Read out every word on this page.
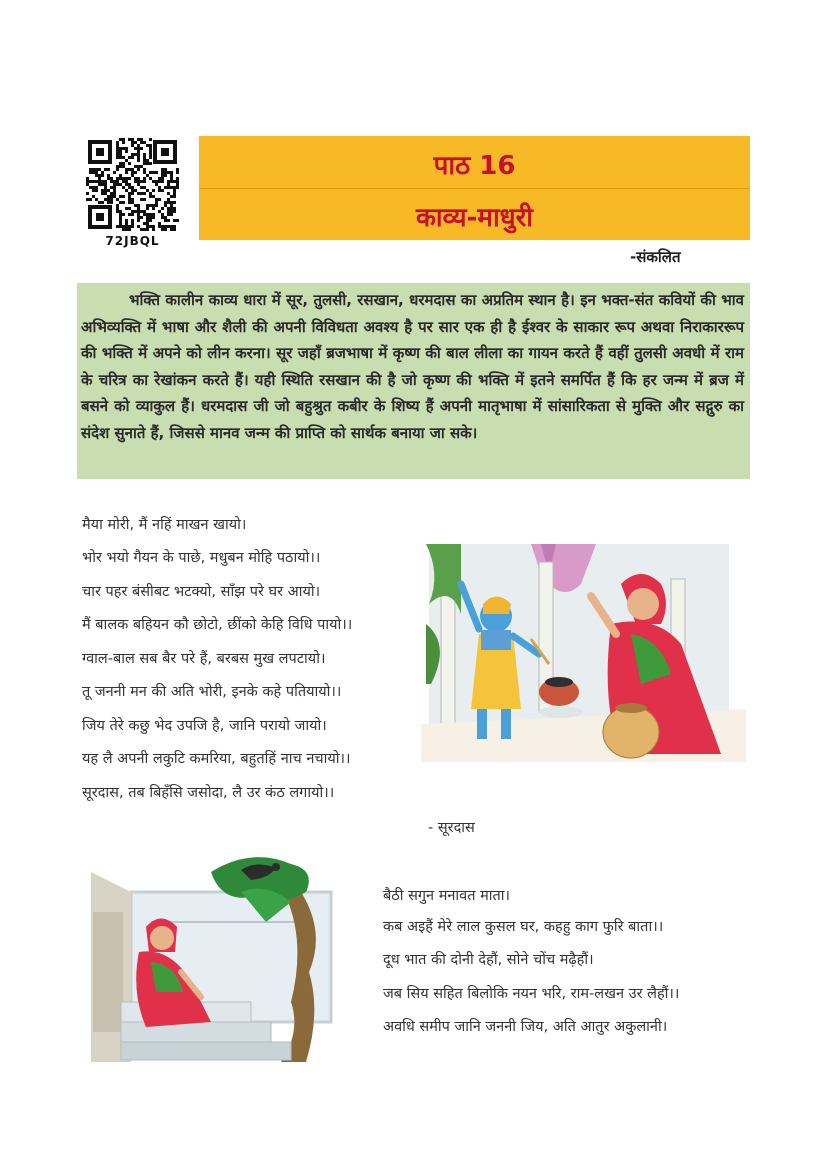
72JBQL
पाठ 16
काव्य-माधुरी
-संकलित
भक्ति कालीन काव्य धारा में सूर, तुलसी, रसखान, धरमदास का अप्रतिम स्थान है। इन भक्त-संत कवियों की भाव अभिव्यक्ति में भाषा और शैली की अपनी विविधता अवश्य है पर सार एक ही है ईश्वर के साकार रूप अथवा निराकाररूप की भक्ति में अपने को लीन करना। सूर जहाँ ब्रजभाषा में कृष्ण की बाल लीला का गायन करते हैं वहीं तुलसी अवधी में राम के चरित्र का रेखांकन करते हैं। यही स्थिति रसखान की है जो कृष्ण की भक्ति में इतने समर्पित हैं कि हर जन्म में ब्रज में बसने को व्याकुल हैं। धरमदास जी जो बहुश्रुत कबीर के शिष्य हैं अपनी मातृभाषा में सांसारिकता से मुक्ति और सद्गुरु का संदेश सुनाते हैं, जिससे मानव जन्म की प्राप्ति को सार्थक बनाया जा सके।
मैया मोरी, मैं नहिं माखन खायो।
भोर भयो गैयन के पाछे, मधुबन मोहि पठायो।।
चार पहर बंसीबट भटक्यो, साँझ परे घर आयो।
मैं बालक बहियन कौ छोटो, छींको केहि विधि पायो।।
ग्वाल-बाल सब बैर परे हैं, बरबस मुख लपटायो।
तू जननी मन की अति भोरी, इनके कहे पतियायो।।
जिय तेरे कछु भेद उपजि है, जानि परायो जायो।
यह लै अपनी लकुटि कमरिया, बहुतहिं नाच नचायो।।
सूरदास, तब बिहँसि जसोदा, लै उर कंठ लगायो।।
- सूरदास
बैठी सगुन मनावत माता।
कब अइहैं मेरे लाल कुसल घर, कहहु काग फुरि बाता।।
दूध भात की दोनी देहौं, सोने चोंच मढ़ैहौं।
जब सिय सहित बिलोकि नयन भरि, राम-लखन उर लैहौं।।
अवधि समीप जानि जननी जिय, अति आतुर अकुलानी।
